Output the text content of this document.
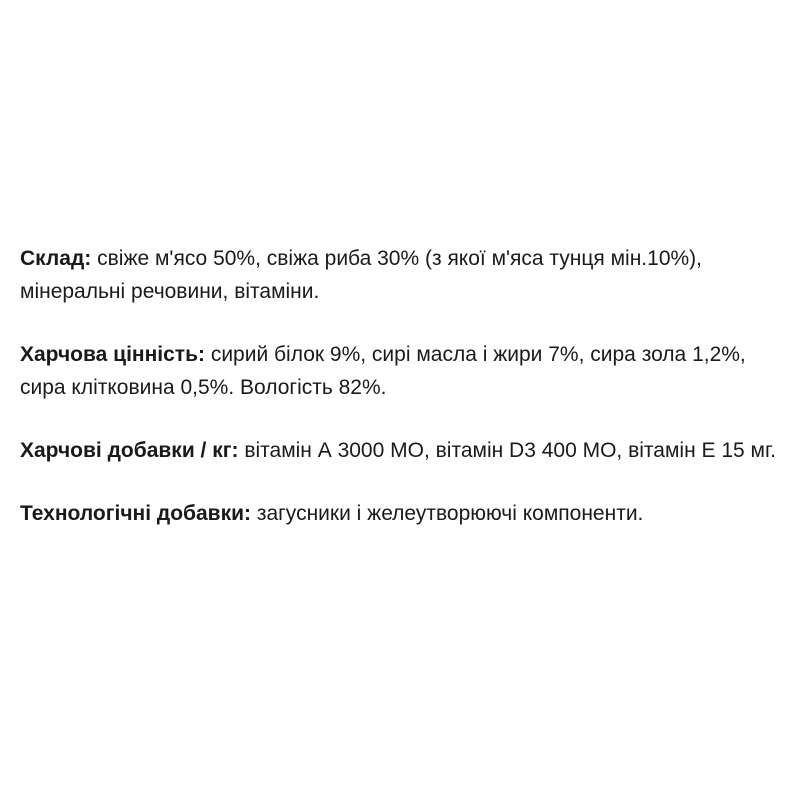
Склад: свіже м'ясо 50%, свіжа риба 30% (з якої м'яса тунця мін.10%), мінеральні речовини, вітаміни.

Харчова цінність: сирий білок 9%, сирі масла і жири 7%, сира зола 1,2%, сира клітковина 0,5%. Вологість 82%.

Харчові добавки / кг: вітамін А 3000 МО, вітамін D3 400 МО, вітамін Е 15 мг.

Технологічні добавки: загусники і желеутворюючі компоненти.
